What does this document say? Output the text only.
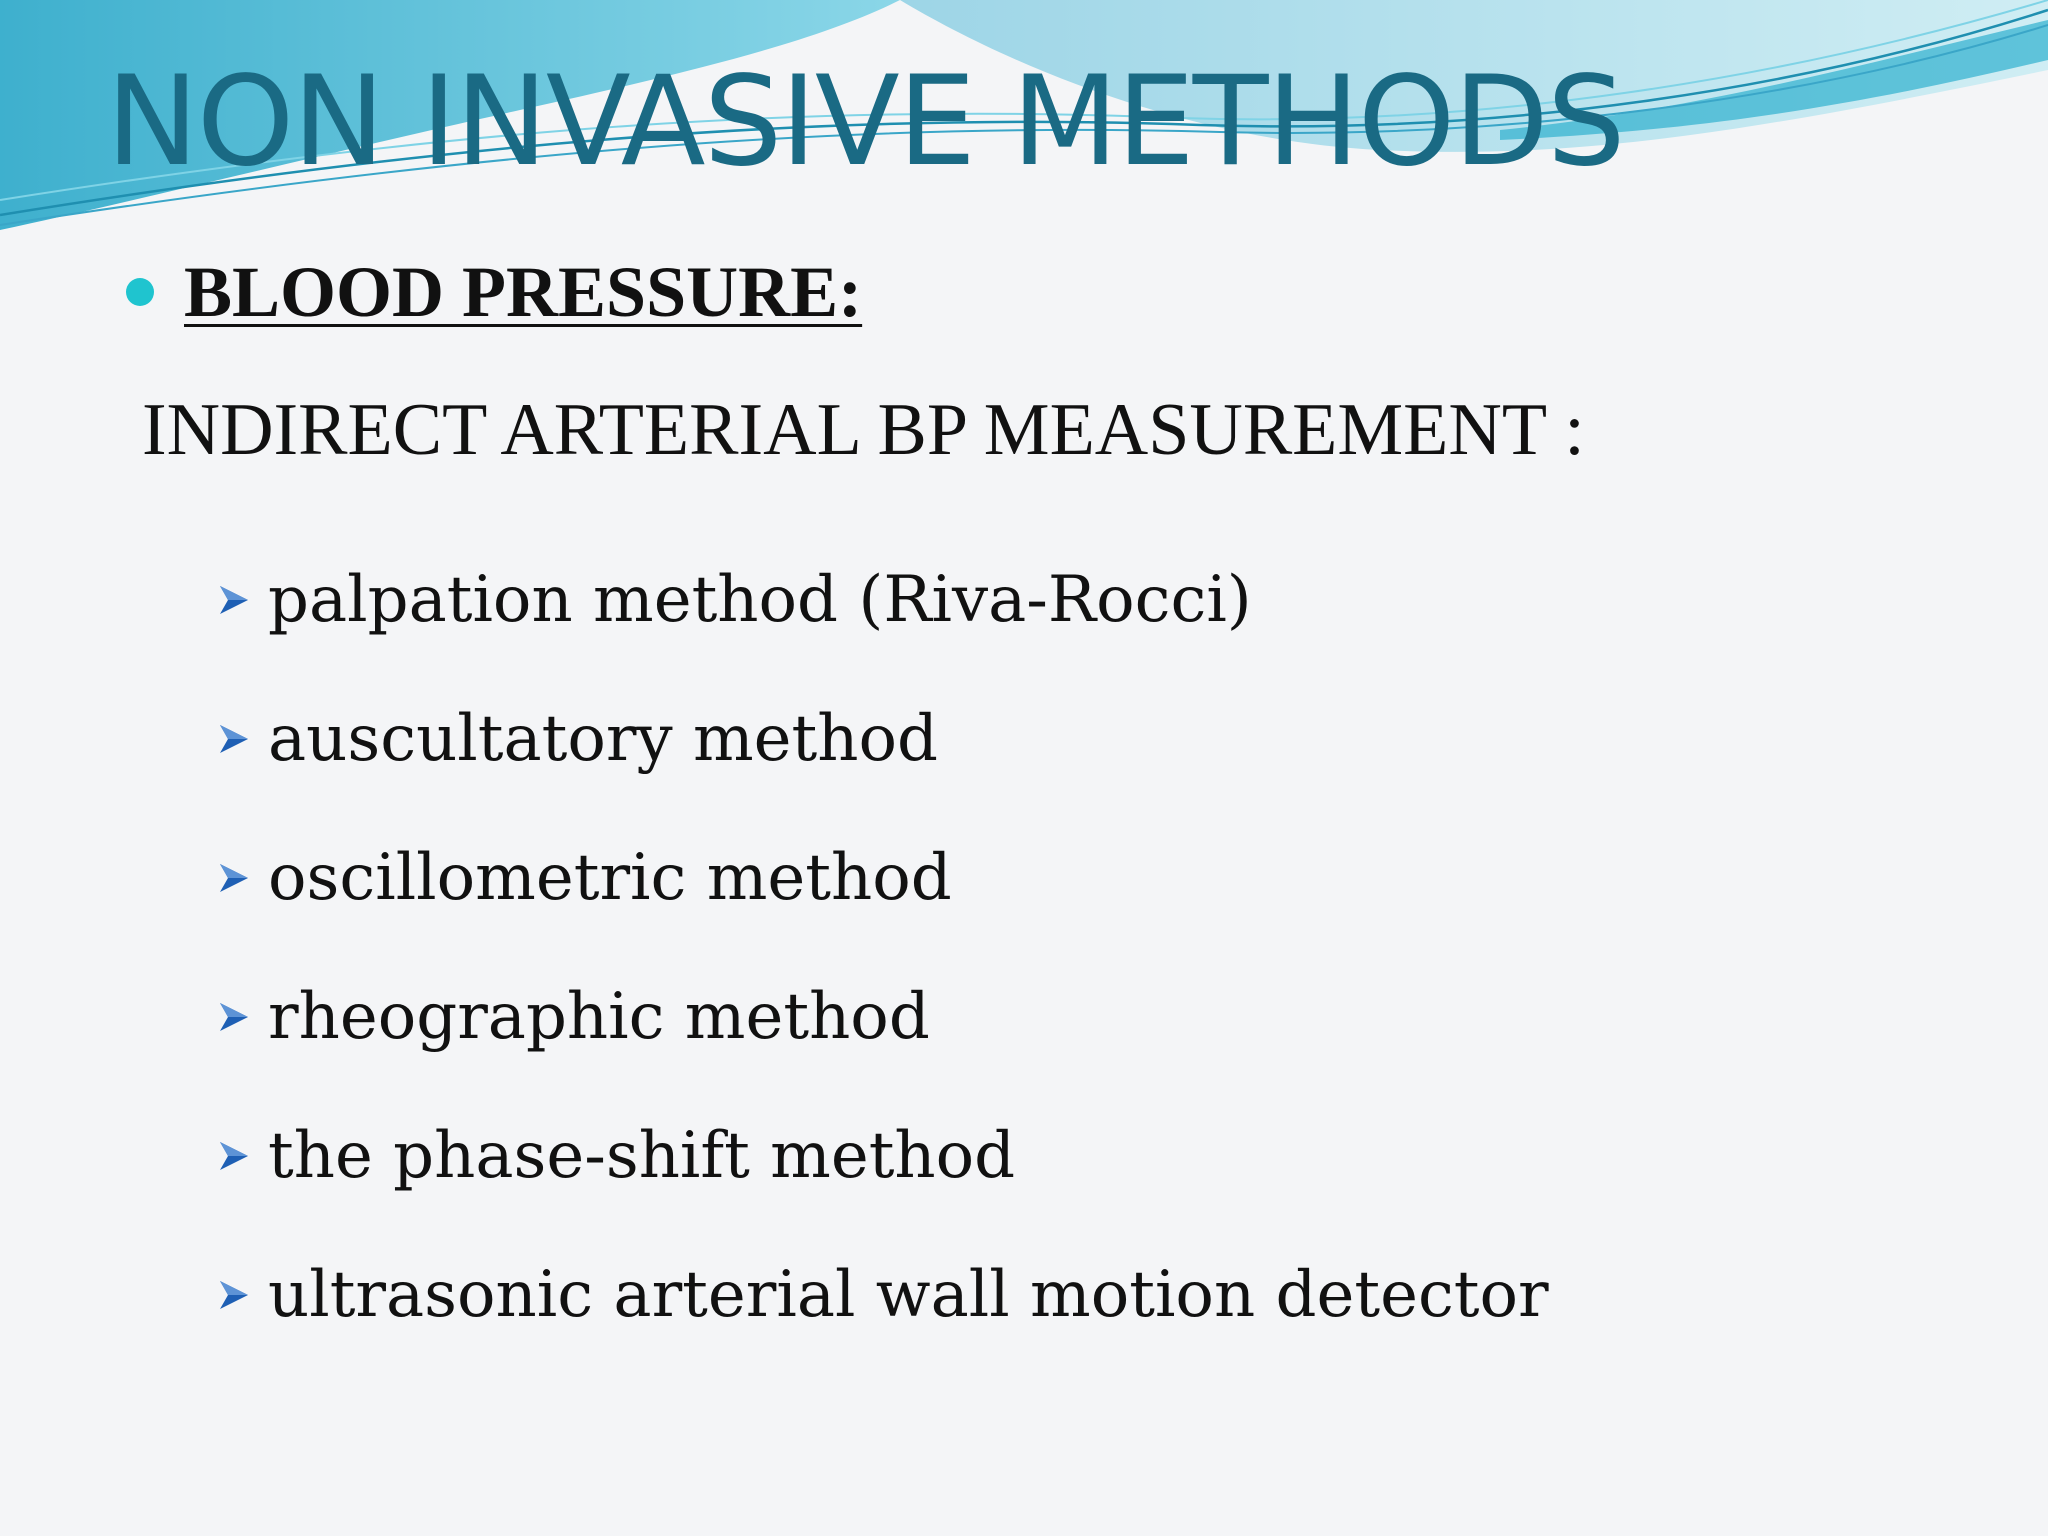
NON INVASIVE METHODS
BLOOD PRESSURE:
INDIRECT ARTERIAL BP MEASUREMENT :
palpation method (Riva-Rocci)
auscultatory method
oscillometric method
rheographic method
the phase-shift method
ultrasonic arterial wall motion detector
